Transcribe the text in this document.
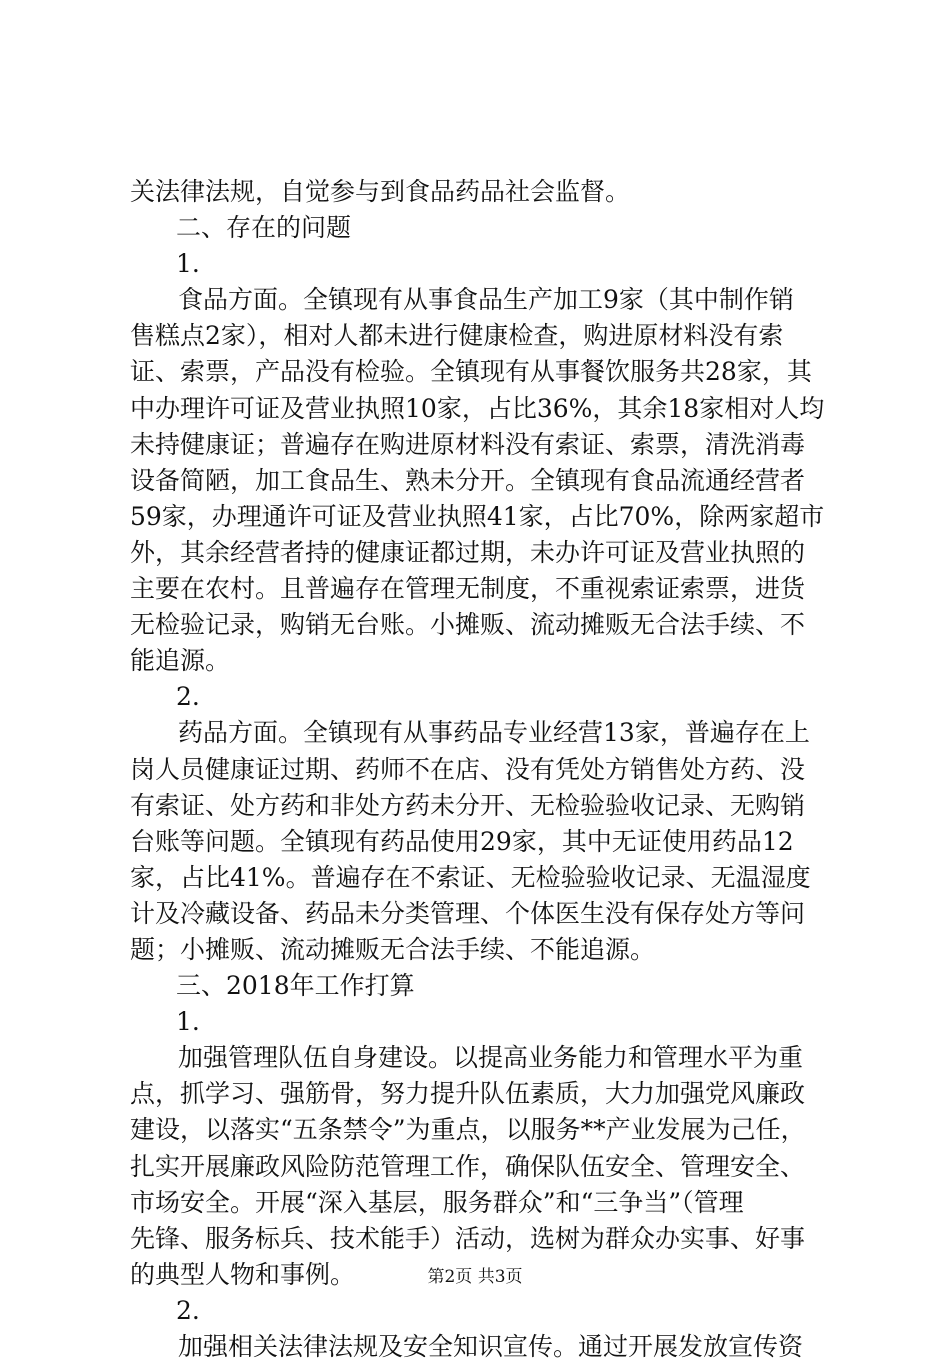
关法律法规，自觉参与到食品药品社会监督。
二、存在的问题
1.
食品方面。全镇现有从事食品生产加工9家（其中制作销
售糕点2家），相对人都未进行健康检查，购进原材料没有索
证、索票，产品没有检验。全镇现有从事餐饮服务共28家，其
中办理许可证及营业执照10家，占比36%，其余18家相对人均
未持健康证；普遍存在购进原材料没有索证、索票，清洗消毒
设备简陋，加工食品生、熟未分开。全镇现有食品流通经营者
59家，办理通许可证及营业执照41家，占比70%，除两家超市
外，其余经营者持的健康证都过期，未办许可证及营业执照的
主要在农村。且普遍存在管理无制度，不重视索证索票，进货
无检验记录，购销无台账。小摊贩、流动摊贩无合法手续、不
能追源。
2.
药品方面。全镇现有从事药品专业经营13家，普遍存在上
岗人员健康证过期、药师不在店、没有凭处方销售处方药、没
有索证、处方药和非处方药未分开、无检验验收记录、无购销
台账等问题。全镇现有药品使用29家，其中无证使用药品12
家，占比41%。普遍存在不索证、无检验验收记录、无温湿度
计及冷藏设备、药品未分类管理、个体医生没有保存处方等问
题；小摊贩、流动摊贩无合法手续、不能追源。
三、2018年工作打算
1.
加强管理队伍自身建设。以提高业务能力和管理水平为重
点，抓学习、强筋骨，努力提升队伍素质，大力加强党风廉政
建设，以落实“五条禁令”为重点，以服务**产业发展为己任，
扎实开展廉政风险防范管理工作，确保队伍安全、管理安全、
市场安全。开展“深入基层，服务群众”和“三争当”（管理
先锋、服务标兵、技术能手）活动，选树为群众办实事、好事
的典型人物和事例。
2.
加强相关法律法规及安全知识宣传。通过开展发放宣传资
第2页 共3页
